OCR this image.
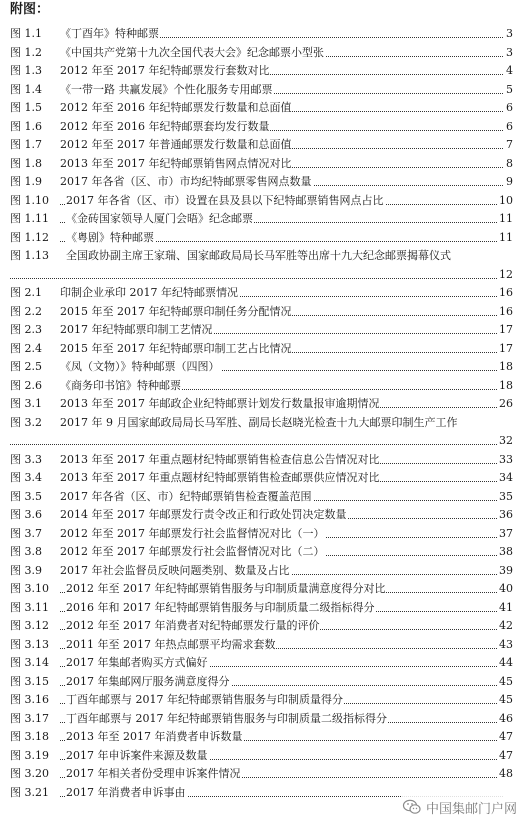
附图：
图 1.1 《丁酉年》特种邮票	3
图 1.2 《中国共产党第十九次全国代表大会》纪念邮票小型张	3
图 1.3 2012 年至 2017 年纪特邮票发行套数对比	4
图 1.4 《一带一路 共赢发展》个性化服务专用邮票	5
图 1.5 2012 年至 2016 年纪特邮票发行数量和总面值	6
图 1.6 2012 年至 2016 年纪特邮票套均发行数量	6
图 1.7 2012 年至 2017 年普通邮票发行数量和总面值	7
图 1.8 2013 年至 2017 年纪特邮票销售网点情况对比	8
图 1.9 2017 年各省（区、市）市均纪特邮票零售网点数量	9
图 1.10 2017 年各省（区、市）设置在县及县以下纪特邮票销售网点占比	10
图 1.11 《金砖国家领导人厦门会晤》纪念邮票	11
图 1.12 《粤剧》特种邮票	11
图 1.13 全国政协副主席王家瑞、国家邮政局局长马军胜等出席十九大纪念邮票揭幕仪式
12
图 2.1 印制企业承印 2017 年纪特邮票情况	16
图 2.2 2015 年至 2017 年纪特邮票印制任务分配情况	16
图 2.3 2017 年纪特邮票印制工艺情况	17
图 2.4 2015 年至 2017 年纪特邮票印制工艺占比情况	17
图 2.5 《凤（文物）》特种邮票（四图）	18
图 2.6 《商务印书馆》特种邮票	18
图 3.1 2013 年至 2017 年邮政企业纪特邮票计划发行数量报审逾期情况	26
图 3.2 2017 年 9 月国家邮政局局长马军胜、副局长赵晓光检查十九大邮票印制生产工作
32
图 3.3 2013 年至 2017 年重点题材纪特邮票销售检查信息公告情况对比	33
图 3.4 2013 年至 2017 年重点题材纪特邮票销售检查邮票供应情况对比	34
图 3.5 2017 年各省（区、市）纪特邮票销售检查覆盖范围	35
图 3.6 2014 年至 2017 年邮票发行责令改正和行政处罚决定数量	36
图 3.7 2012 年至 2017 年邮票发行社会监督情况对比（一）	37
图 3.8 2012 年至 2017 年邮票发行社会监督情况对比（二）	38
图 3.9 2017 年社会监督员反映问题类别、数量及占比	39
图 3.10 2012 年至 2017 年纪特邮票销售服务与印制质量满意度得分对比	40
图 3.11 2016 年和 2017 年纪特邮票销售服务与印制质量二级指标得分	41
图 3.12 2012 年至 2017 年消费者对纪特邮票发行量的评价	42
图 3.13 2011 年至 2017 年热点邮票平均需求套数	43
图 3.14 2017 年集邮者购买方式偏好	44
图 3.15 2017 年集邮网厅服务满意度得分	45
图 3.16 丁酉年邮票与 2017 年纪特邮票销售服务与印制质量得分	45
图 3.17 丁酉年邮票与 2017 年纪特邮票销售服务与印制质量二级指标得分	46
图 3.18 2013 年至 2017 年消费者申诉数量	47
图 3.19 2017 年申诉案件来源及数量	47
图 3.20 2017 年相关者份受理申诉案件情况	48
图 3.21 2017 年消费者申诉事由
中国集邮门户网
